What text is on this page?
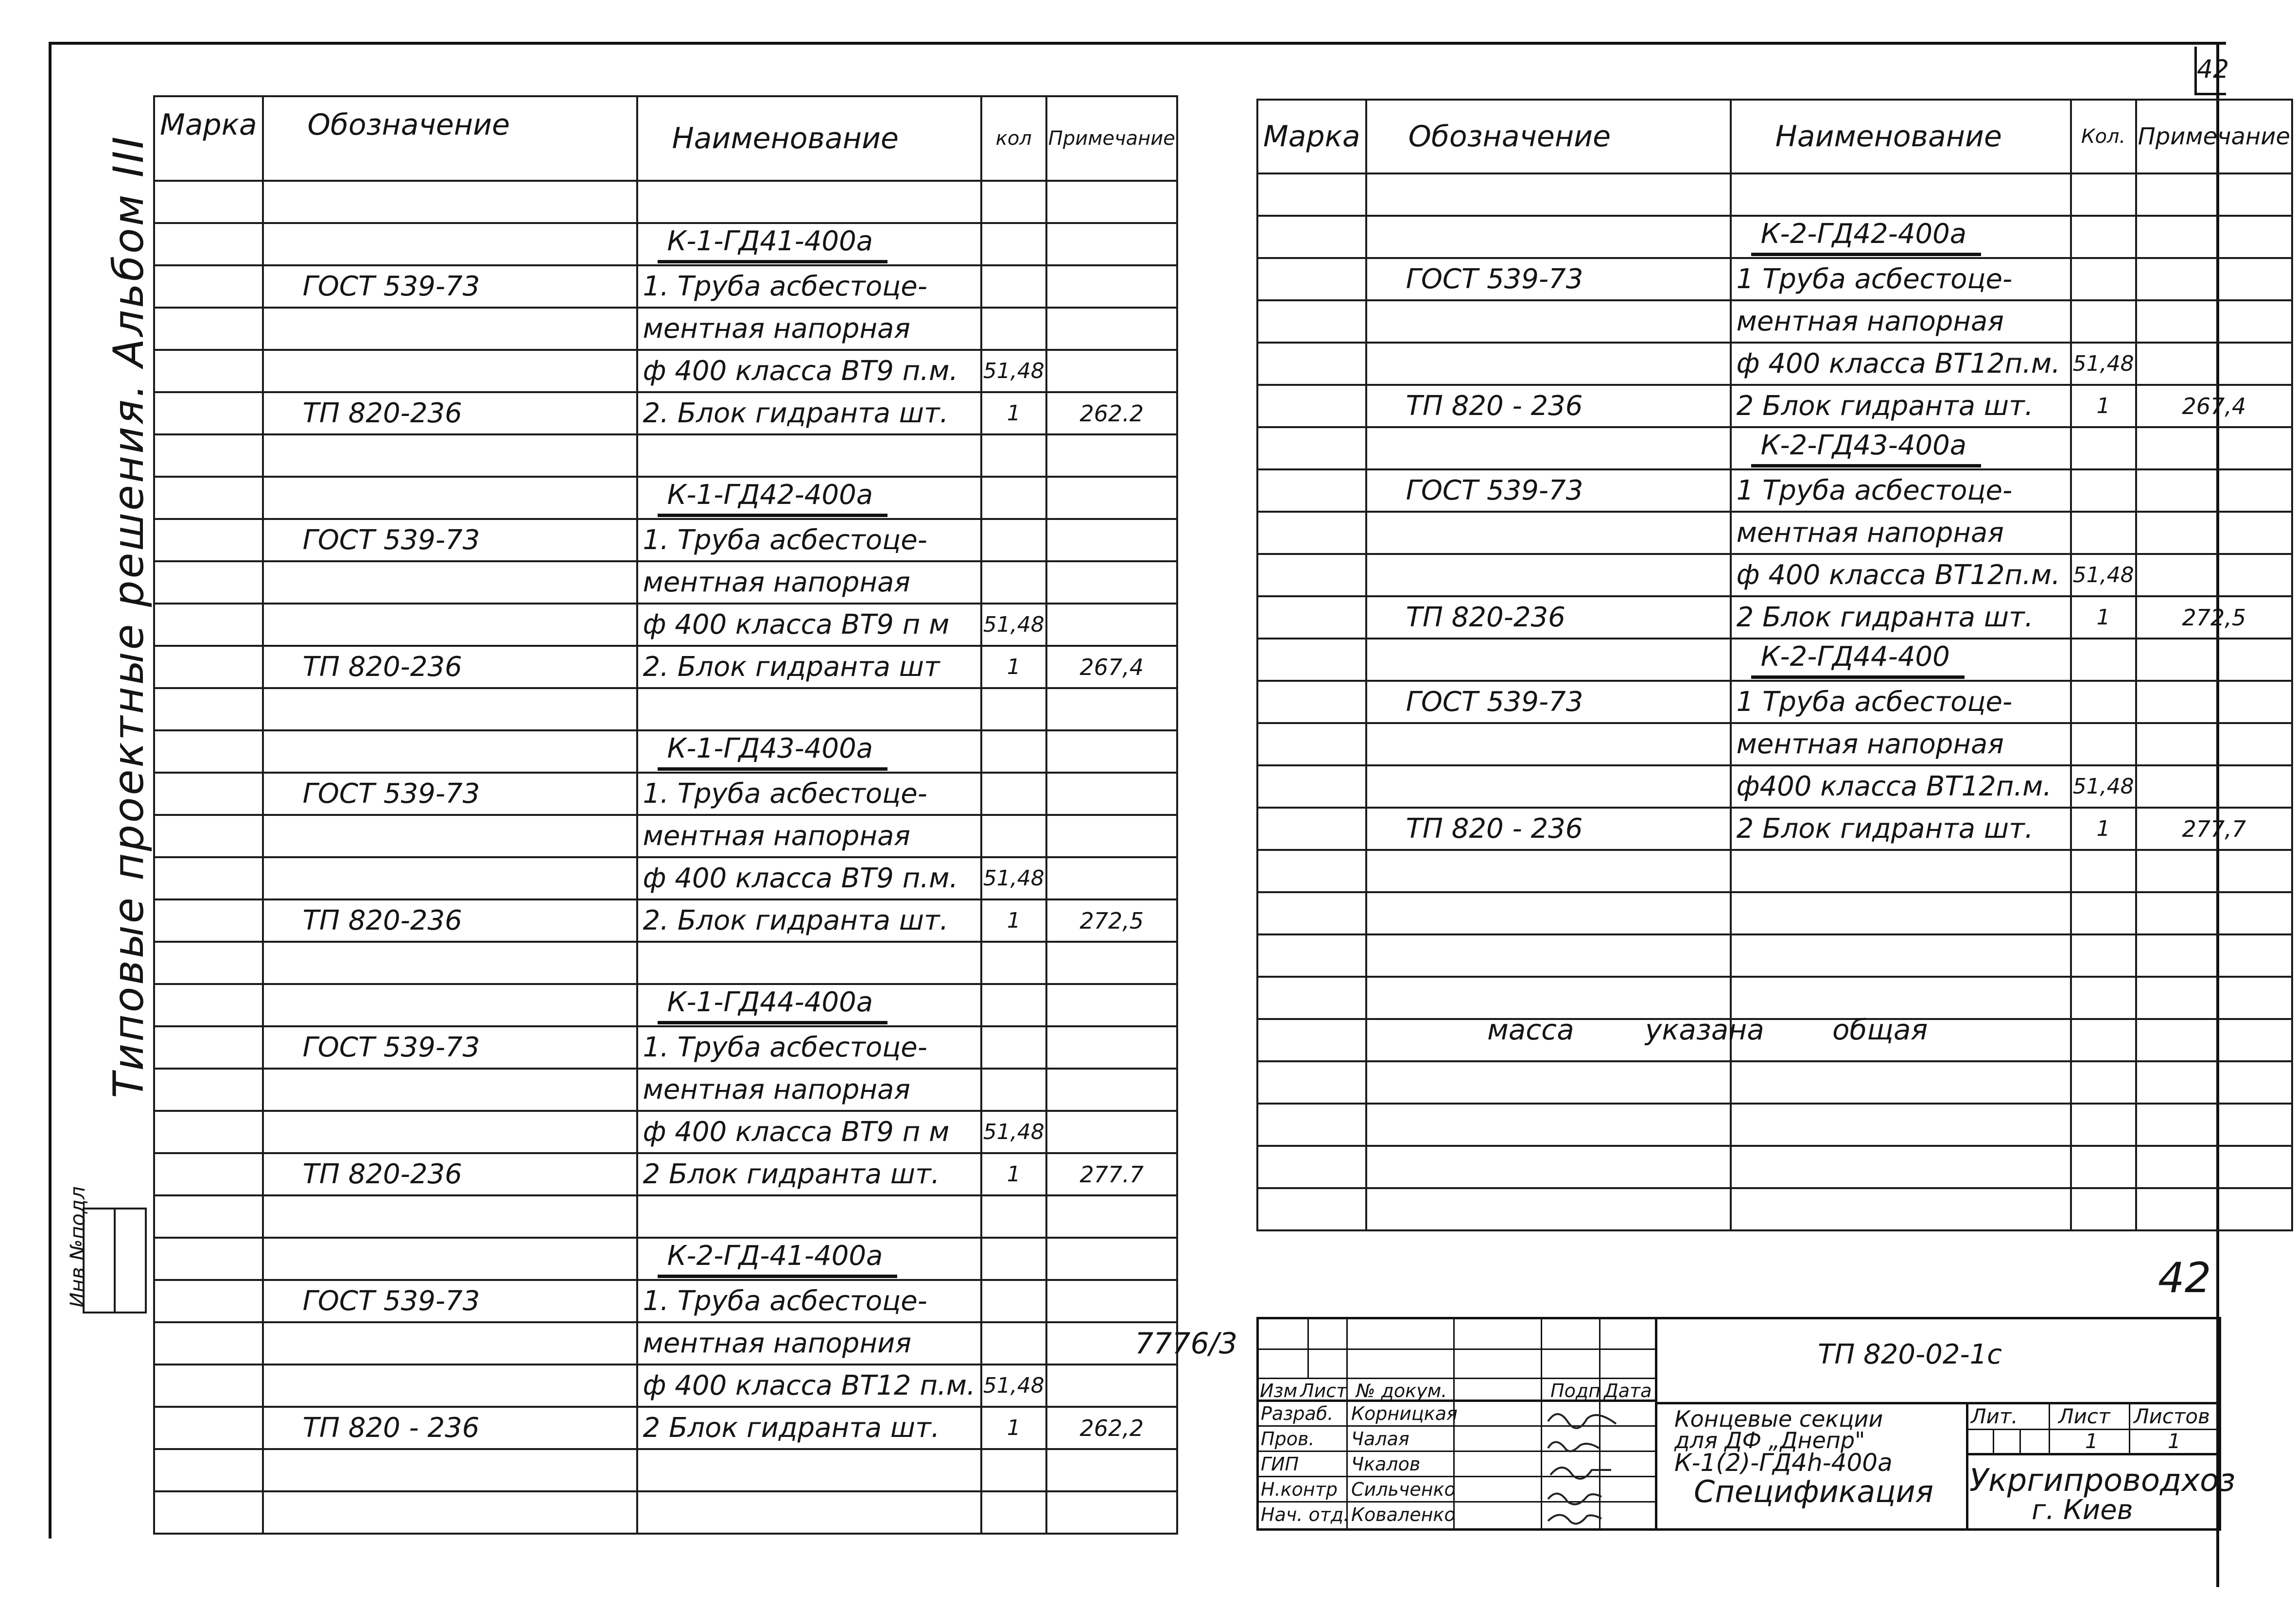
42
Типовые проектные решения. Альбом III
Инв №подл

Марка	Обозначение	Наименование	кол	Примечание

		К-1-ГД41-400а		
	ГОСТ 539-73	1. Труба асбестоце-		
		ментная напорная		
		ф 400 класса ВТ9 п.м.	51,48	
	ТП 820-236	2. Блок гидранта шт.	1	262.2

		К-1-ГД42-400а		
	ГОСТ 539-73	1. Труба асбестоце-		
		ментная напорная		
		ф 400 класса ВТ9 п м	51,48	
	ТП 820-236	2. Блок гидранта шт	1	267,4

		К-1-ГД43-400а		
	ГОСТ 539-73	1. Труба асбестоце-		
		ментная напорная		
		ф 400 класса ВТ9 п.м.	51,48	
	ТП 820-236	2. Блок гидранта шт.	1	272,5

		К-1-ГД44-400а		
	ГОСТ 539-73	1. Труба асбестоце-		
		ментная напорная		
		ф 400 класса ВТ9 п м	51,48	
	ТП 820-236	2 Блок гидранта шт.	1	277.7

		К-2-ГД-41-400а		
	ГОСТ 539-73	1. Труба асбестоце-		
		ментная напорния		
		ф 400 класса ВТ12 п.м.	51,48	
	ТП 820 - 236	2 Блок гидранта шт.	1	262,2

7776/3
Марка	Обозначение	Наименование	Кол.	Примечание

		К-2-ГД42-400а		
	ГОСТ 539-73	1 Труба асбестоце-		
		ментная напорная		
		ф 400 класса ВТ12п.м.	51,48	
	ТП 820 - 236	2 Блок гидранта шт.	1	267,4
		К-2-ГД43-400а		
	ГОСТ 539-73	1 Труба асбестоце-		
		ментная напорная		
		ф 400 класса ВТ12п.м.	51,48	
	ТП 820-236	2 Блок гидранта шт.	1	272,5
		К-2-ГД44-400		
	ГОСТ 539-73	1 Труба асбестоце-		
		ментная напорная		
		ф400 класса ВТ12п.м.	51,48	
	ТП 820 - 236	2 Блок гидранта шт.	1	277,7

масса	указана общая
42
Изм Лист № докум.	Подп Дата
Разраб. Корницкая
Пров. Чалая
ГИП	Чкалов
Н.контр Сильченко
Нач. отд. Коваленко
ТП 820-02-1с
Концевые секции
для ДФ „Днепр"
К-1(2)-ГД4h-400а
Спецификация
Лит. Лист Листов
1	1
Укргипроводхоз
г. Киев
